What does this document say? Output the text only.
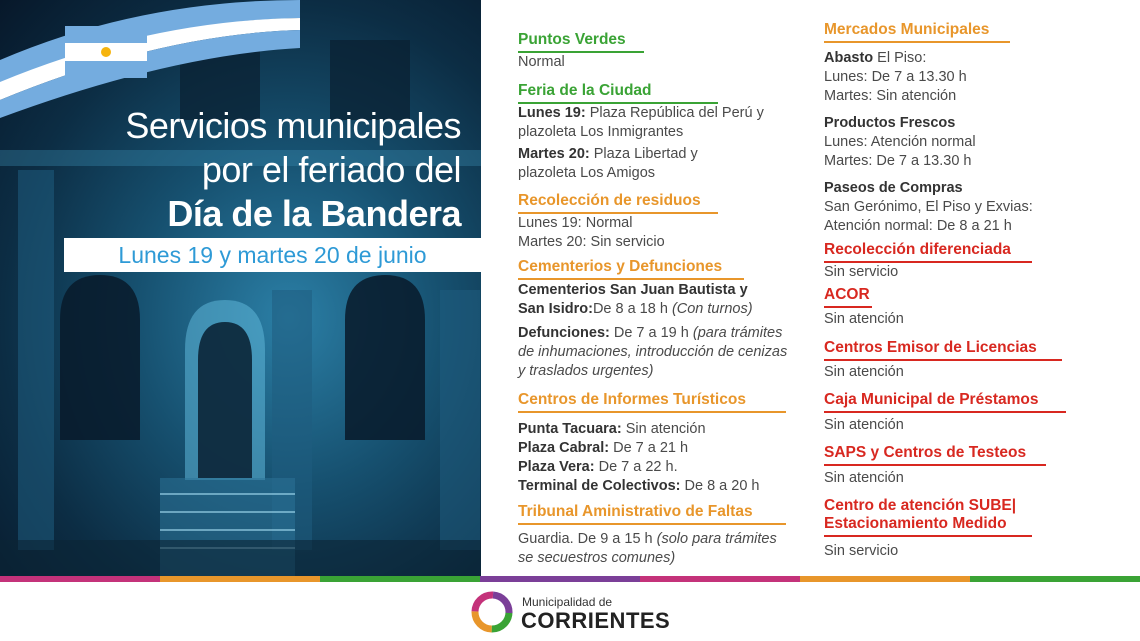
Servicios municipales
por el feriado del
Día de la Bandera
Lunes 19 y martes 20 de junio
Puntos Verdes
Normal
Feria de la Ciudad
Lunes 19: Plaza República del Perú y
plazoleta Los Inmigrantes
Martes 20: Plaza Libertad y
plazoleta Los Amigos
Recolección de residuos
Lunes 19: Normal
Martes 20: Sin servicio
Cementerios y Defunciones
Cementerios San Juan Bautista y
San Isidro:De 8 a 18 h (Con turnos)
Defunciones: De 7 a 19 h (para trámites
de inhumaciones, introducción de cenizas
y traslados urgentes)
Centros de Informes Turísticos
Punta Tacuara: Sin atención
Plaza Cabral: De 7 a 21 h
Plaza Vera: De 7 a 22 h.
Terminal de Colectivos: De 8 a 20 h
Tribunal Aministrativo de Faltas
Guardia. De 9 a 15 h (solo para trámites
se secuestros comunes)
Mercados Municipales
Abasto El Piso:
Lunes: De 7 a 13.30 h
Martes: Sin atención
Productos Frescos
Lunes: Atención normal
Martes: De 7 a 13.30 h
Paseos de Compras
San Gerónimo, El Piso y Exvias:
Atención normal: De 8 a 21 h
Recolección diferenciada
Sin servicio
ACOR
Sin atención
Centros Emisor de Licencias
Sin atención
Caja Municipal de Préstamos
Sin atención
SAPS y Centros de Testeos
Sin atención
Centro de atención SUBE|
Estacionamiento Medido
Sin servicio
Municipalidad de
CORRIENTES
